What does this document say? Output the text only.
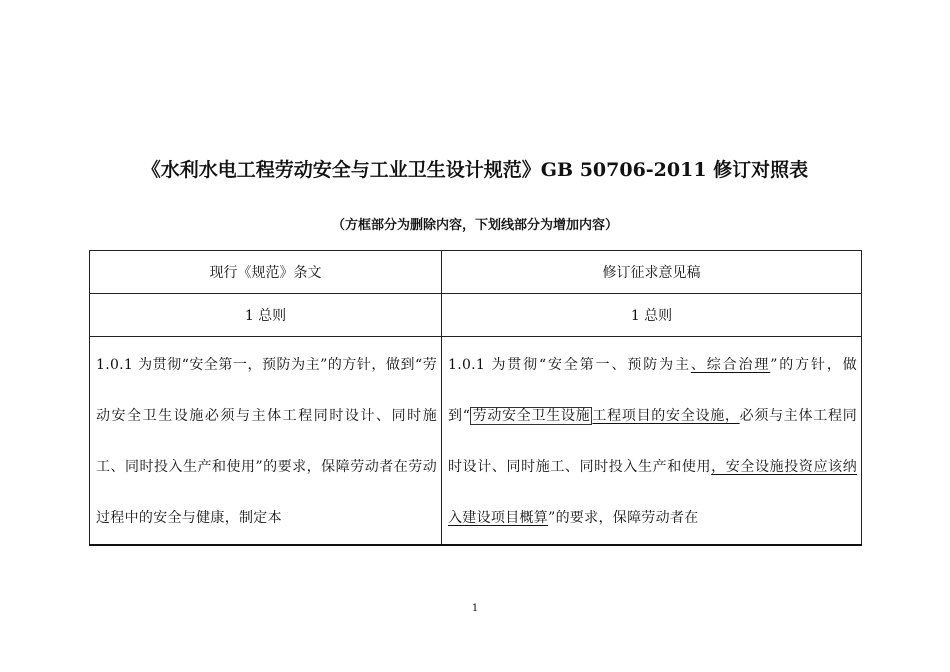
《水利水电工程劳动安全与工业卫生设计规范》GB 50706-2011 修订对照表
（方框部分为删除内容，下划线部分为增加内容）
现行《规范》条文	修订征求意见稿
1 总则	1 总则

1.0.1 为贯彻“安全第一，预防为主”的方针，做到“劳动安全卫生设施必须与主体工程同时设计、同时施工、同时投入生产和使用”的要求，保障劳动者在劳动过程中的安全与健康，制定本	1.0.1 为贯彻“安全第一、预防为主、综合治理”的方针，做到“ 劳动安全卫生设施 工程项目的安全设施，必须与主体工程同时设计、同时施工、同时投入生产和使用，安全设施投资应该纳入建设项目概算”的要求，保障劳动者在

1
